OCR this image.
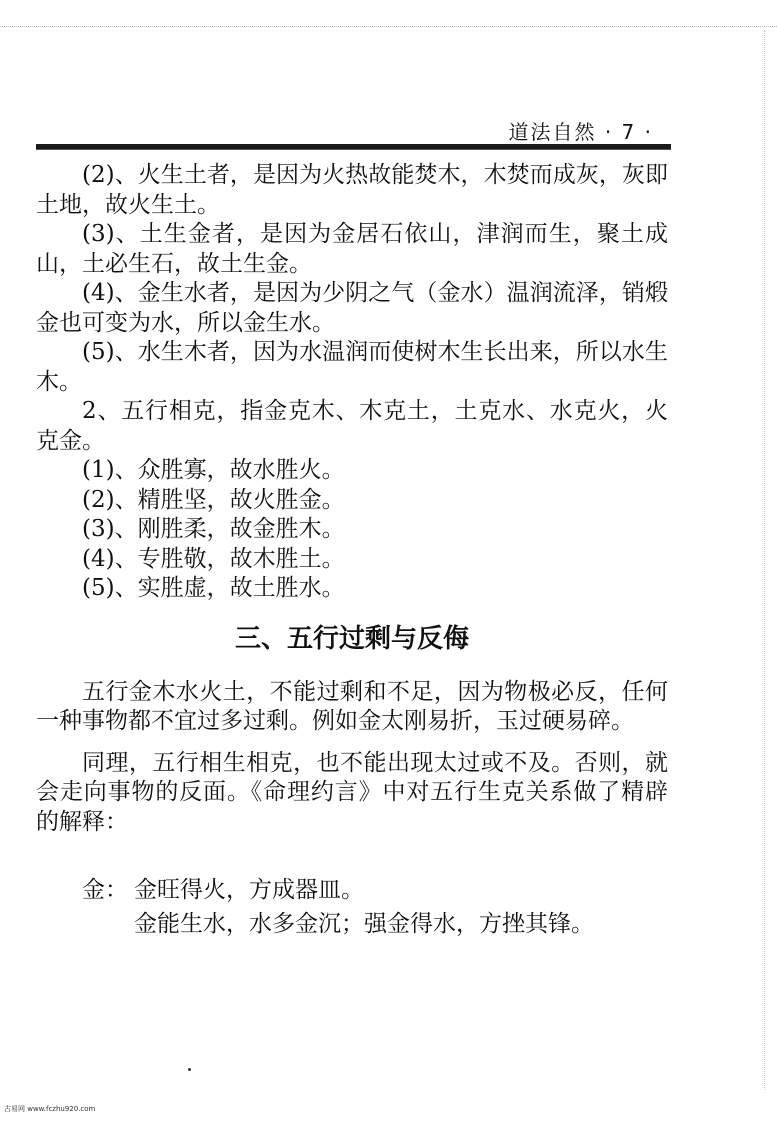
道法自然 · 7 ·

(2)、火生土者，是因为火热故能焚木，木焚而成灰，灰即土地，故火生土。

(3)、土生金者，是因为金居石依山，津润而生，聚土成山，土必生石，故土生金。

(4)、金生水者，是因为少阴之气（金水）温润流泽，销煅金也可变为水，所以金生水。

(5)、水生木者，因为水温润而使树木生长出来，所以水生木。

2、五行相克，指金克木、木克土，土克水、水克火，火克金。

(1)、众胜寡，故水胜火。

(2)、精胜坚，故火胜金。

(3)、刚胜柔，故金胜木。

(4)、专胜敬，故木胜土。

(5)、实胜虚，故土胜水。

三、五行过剩与反侮

五行金木水火土，不能过剩和不足，因为物极必反，任何一种事物都不宜过多过剩。例如金太刚易折，玉过硬易碎。

同理，五行相生相克，也不能出现太过或不及。否则，就会走向事物的反面。《命理约言》中对五行生克关系做了精辟的解释：

金： 金旺得火，方成器皿。
金能生水，水多金沉；强金得水，方挫其锋。
古易网 www.fczhu920.com
